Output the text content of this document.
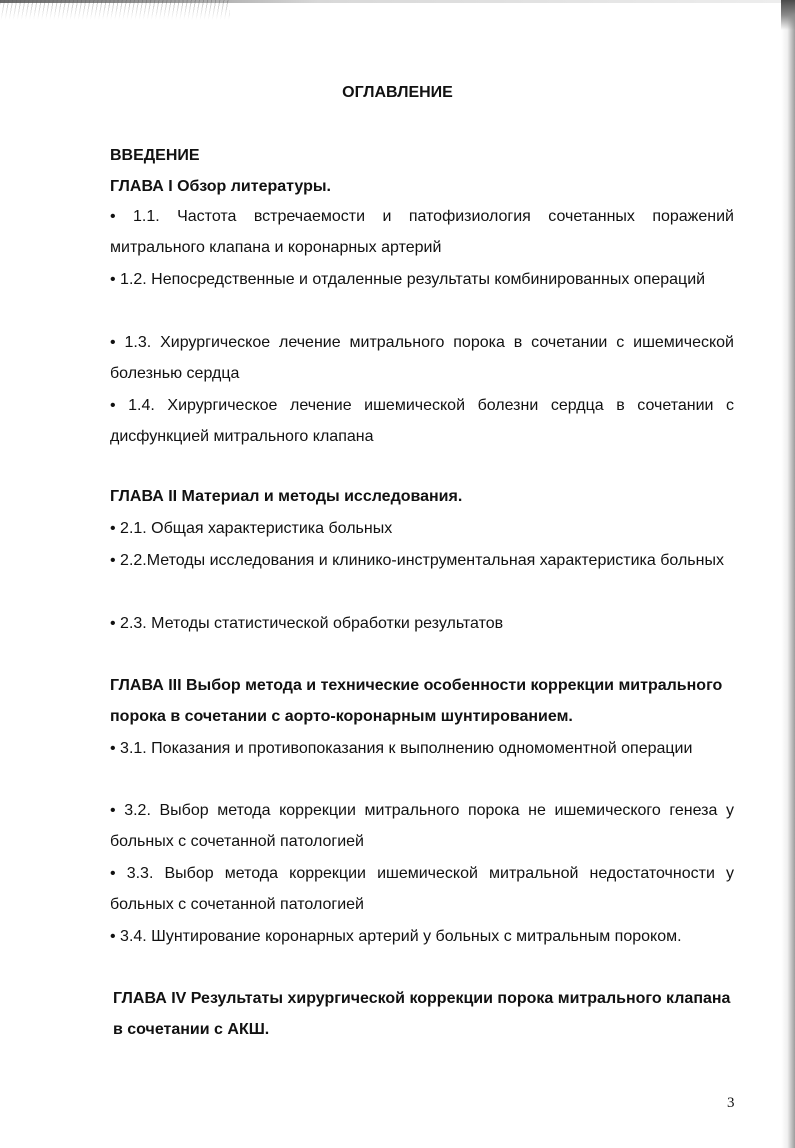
ОГЛАВЛЕНИЕ
ВВЕДЕНИЕ
ГЛАВА I Обзор литературы.

• 1.1. Частота встречаемости и патофизиология сочетанных поражений митрального клапана и коронарных артерий

• 1.2. Непосредственные и отдаленные результаты комбинированных операций

• 1.3. Хирургическое лечение митрального порока в сочетании с ишемической болезнью сердца

• 1.4. Хирургическое лечение ишемической болезни сердца в сочетании с дисфункцией митрального клапана

ГЛАВА II Материал и методы исследования.

• 2.1. Общая характеристика больных

• 2.2.Методы исследования и клинико-инструментальная характеристика больных

• 2.3. Методы статистической обработки результатов

ГЛАВА III Выбор метода и технические особенности коррекции митрального порока в сочетании с аорто-коронарным шунтированием.

• 3.1. Показания и противопоказания к выполнению одномоментной операции

• 3.2. Выбор метода коррекции митрального порока не ишемического генеза у больных с сочетанной патологией

• 3.3. Выбор метода коррекции ишемической митральной недостаточности у больных с сочетанной патологией

• 3.4. Шунтирование коронарных артерий у больных с митральным пороком.

ГЛАВА IV Результаты хирургической коррекции порока митрального клапана в сочетании с АКШ.
3
